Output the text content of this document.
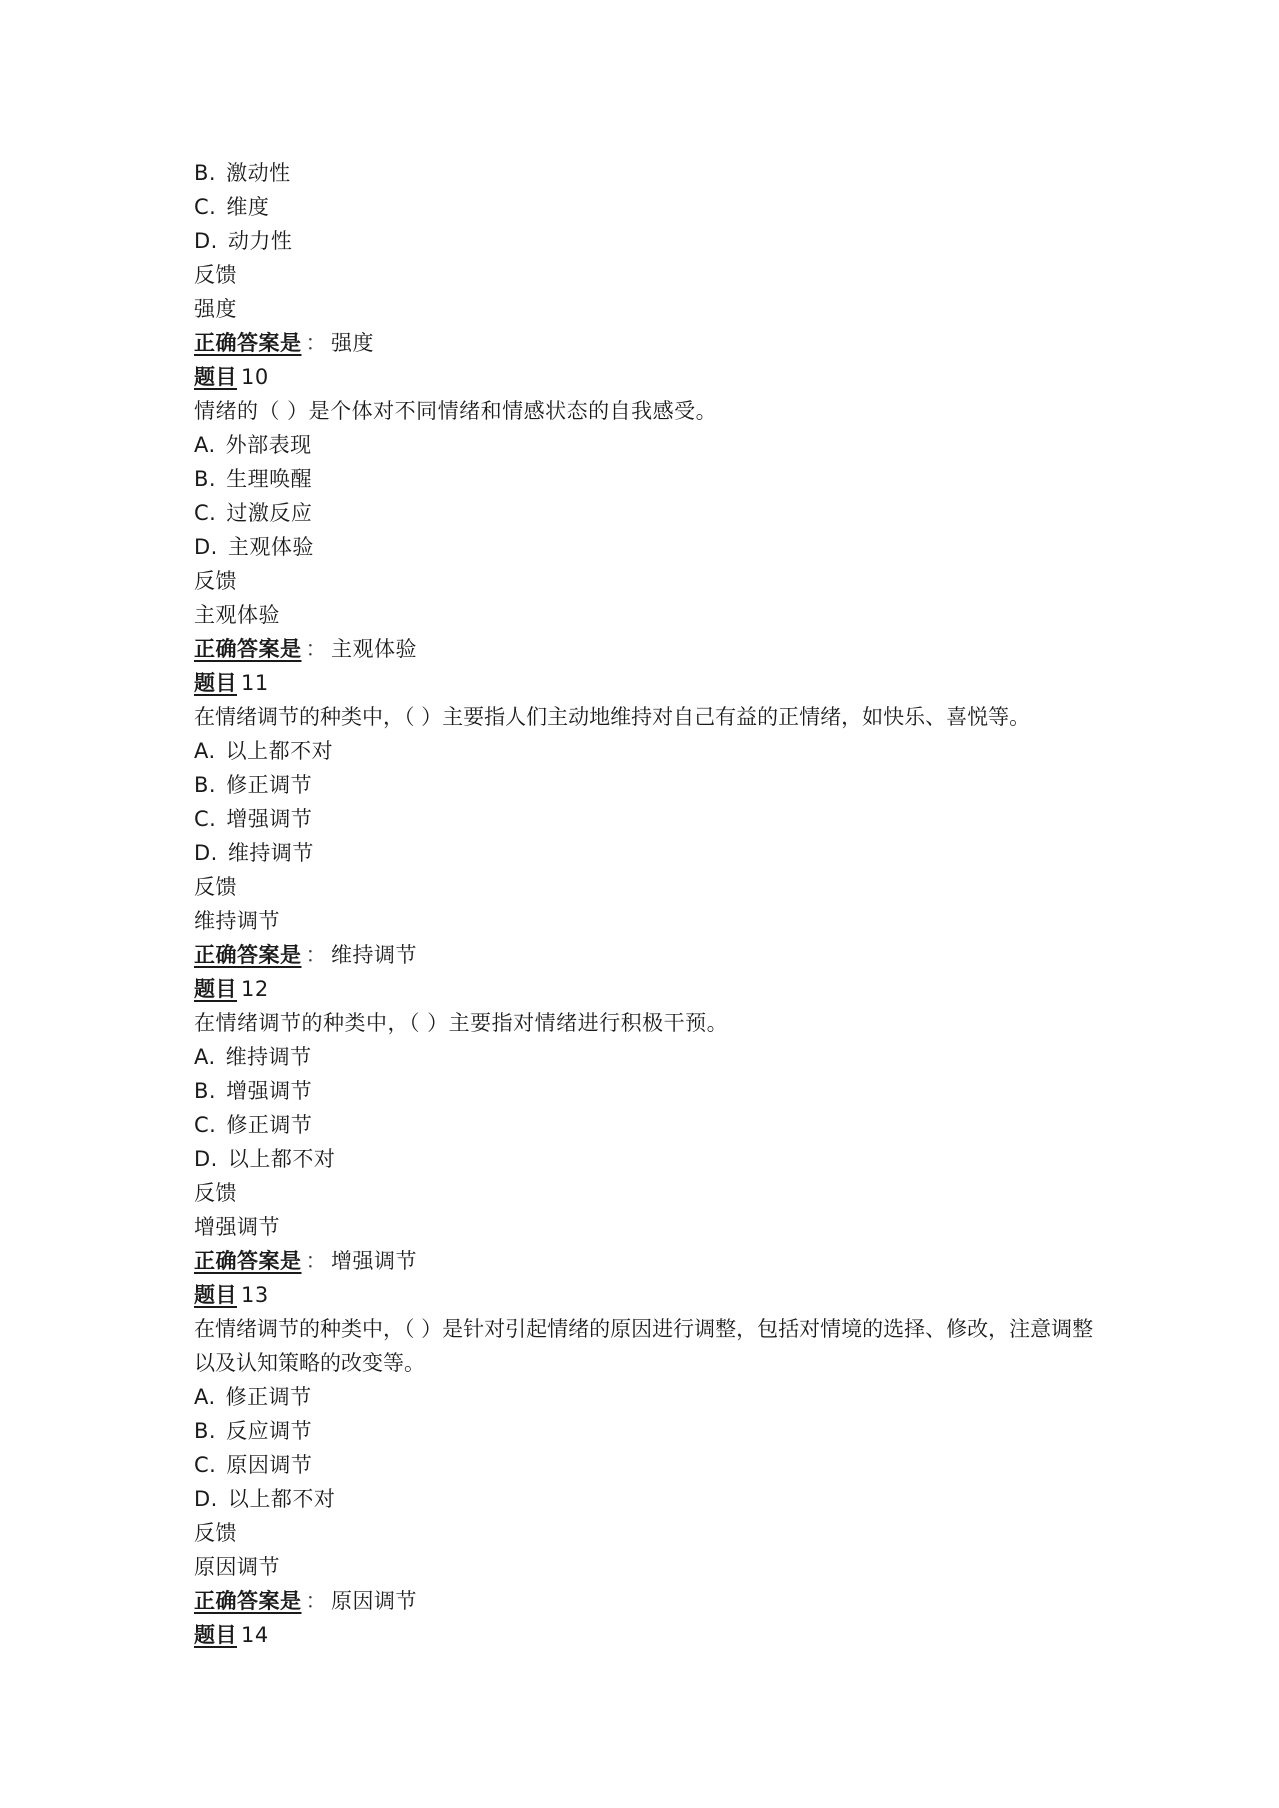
B. 激动性
C. 维度
D. 动力性
反馈
强度
正确答案是 ： 强度
题目 10
情绪的（ ）是个体对不同情绪和情感状态的自我感受。
A. 外部表现
B. 生理唤醒
C. 过激反应
D. 主观体验
反馈
主观体验
正确答案是 ： 主观体验
题目 11
在情绪调节的种类中，（ ）主要指人们主动地维持对自己有益的正情绪，如快乐、喜悦等。
A. 以上都不对
B. 修正调节
C. 增强调节
D. 维持调节
反馈
维持调节
正确答案是 ： 维持调节
题目 12
在情绪调节的种类中，（ ）主要指对情绪进行积极干预。
A. 维持调节
B. 增强调节
C. 修正调节
D. 以上都不对
反馈
增强调节
正确答案是 ： 增强调节
题目 13
在情绪调节的种类中，（ ）是针对引起情绪的原因进行调整，包括对情境的选择、修改，注意调整以及认知策略的改变等。
A. 修正调节
B. 反应调节
C. 原因调节
D. 以上都不对
反馈
原因调节
正确答案是 ： 原因调节
题目 14
